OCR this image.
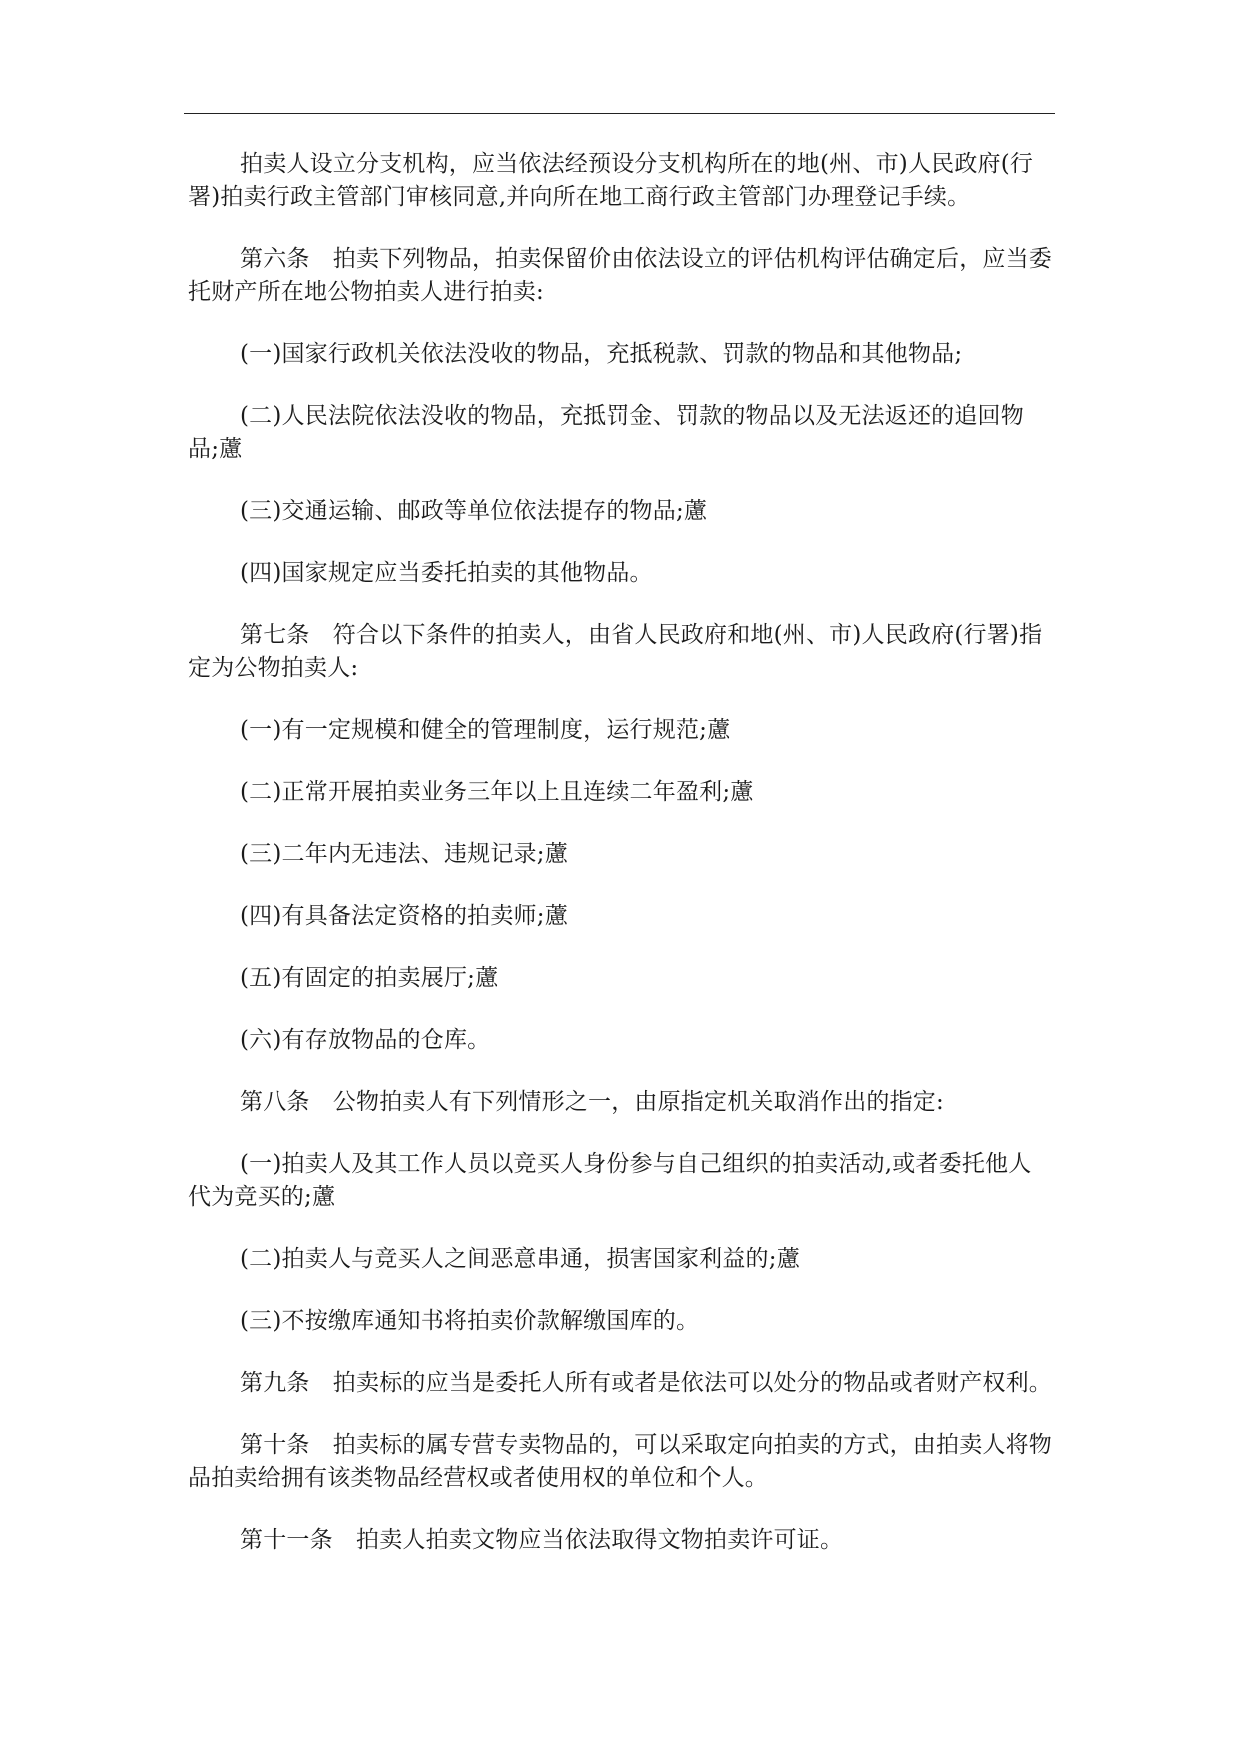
拍卖人设立分支机构，应当依法经预设分支机构所在的地(州、市)人民政府(行署)拍卖行政主管部门审核同意,并向所在地工商行政主管部门办理登记手续。

第六条　拍卖下列物品，拍卖保留价由依法设立的评估机构评估确定后，应当委托财产所在地公物拍卖人进行拍卖:

(一)国家行政机关依法没收的物品，充抵税款、罚款的物品和其他物品;

(二)人民法院依法没收的物品，充抵罚金、罚款的物品以及无法返还的追回物品;藘

(三)交通运输、邮政等单位依法提存的物品;藘

(四)国家规定应当委托拍卖的其他物品。

第七条　符合以下条件的拍卖人，由省人民政府和地(州、市)人民政府(行署)指定为公物拍卖人:

(一)有一定规模和健全的管理制度，运行规范;藘

(二)正常开展拍卖业务三年以上且连续二年盈利;藘

(三)二年内无违法、违规记录;藘

(四)有具备法定资格的拍卖师;藘

(五)有固定的拍卖展厅;藘

(六)有存放物品的仓库。

第八条　公物拍卖人有下列情形之一，由原指定机关取消作出的指定:

(一)拍卖人及其工作人员以竞买人身份参与自己组织的拍卖活动,或者委托他人代为竞买的;藘

(二)拍卖人与竞买人之间恶意串通，损害国家利益的;藘

(三)不按缴库通知书将拍卖价款解缴国库的。

第九条　拍卖标的应当是委托人所有或者是依法可以处分的物品或者财产权利。

第十条　拍卖标的属专营专卖物品的，可以采取定向拍卖的方式，由拍卖人将物品拍卖给拥有该类物品经营权或者使用权的单位和个人。

第十一条　拍卖人拍卖文物应当依法取得文物拍卖许可证。
